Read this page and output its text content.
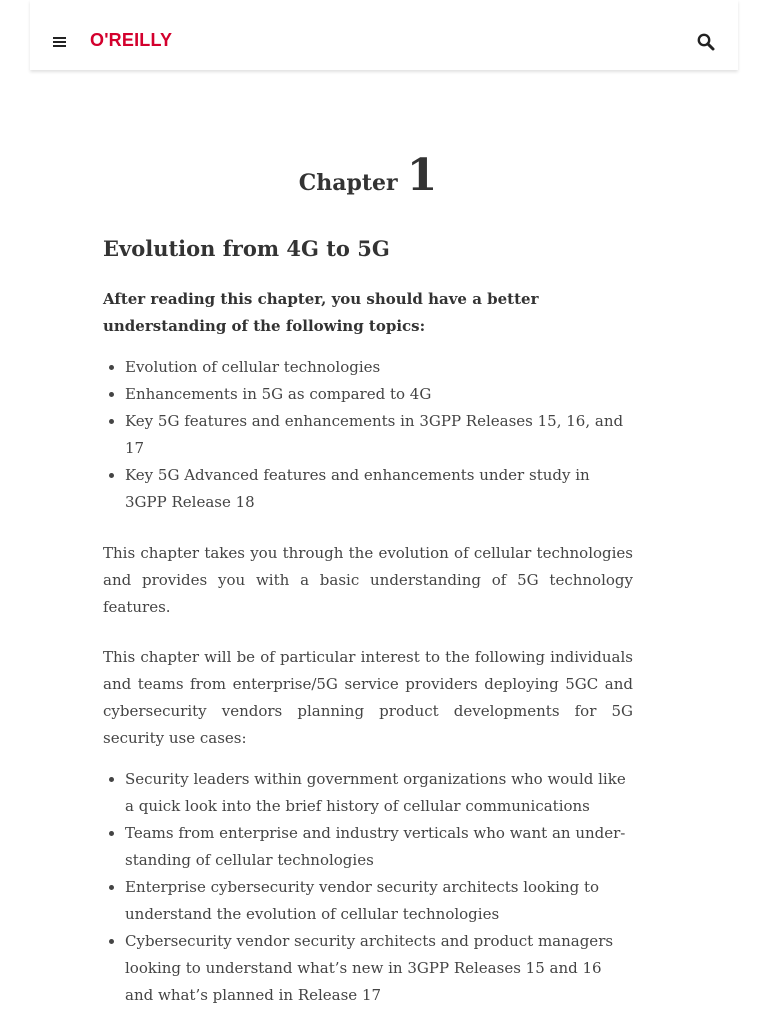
O'REILLY
Chapter 1
Evolution from 4G to 5G

After reading this chapter, you should have a better understanding of the following topics:

• Evolution of cellular technologies
• Enhancements in 5G as compared to 4G
• Key 5G features and enhancements in 3GPP Releases 15, 16, and 17
• Key 5G Advanced features and enhancements under study in 3GPP Release 18

This chapter takes you through the evolution of cellular technologies and provides you with a basic understanding of 5G technology features.

This chapter will be of particular interest to the following individuals and teams from enterprise/5G service providers deploying 5GC and cybersecurity vendors planning product developments for 5G security use cases:

• Security leaders within government organizations who would like a quick look into the brief history of cellular communications
• Teams from enterprise and industry verticals who want an understanding of cellular technologies
• Enterprise cybersecurity vendor security architects looking to understand the evolution of cellular technologies
• Cybersecurity vendor security architects and product managers looking to understand what’s new in 3GPP Releases 15 and 16 and what’s planned in Release 17
